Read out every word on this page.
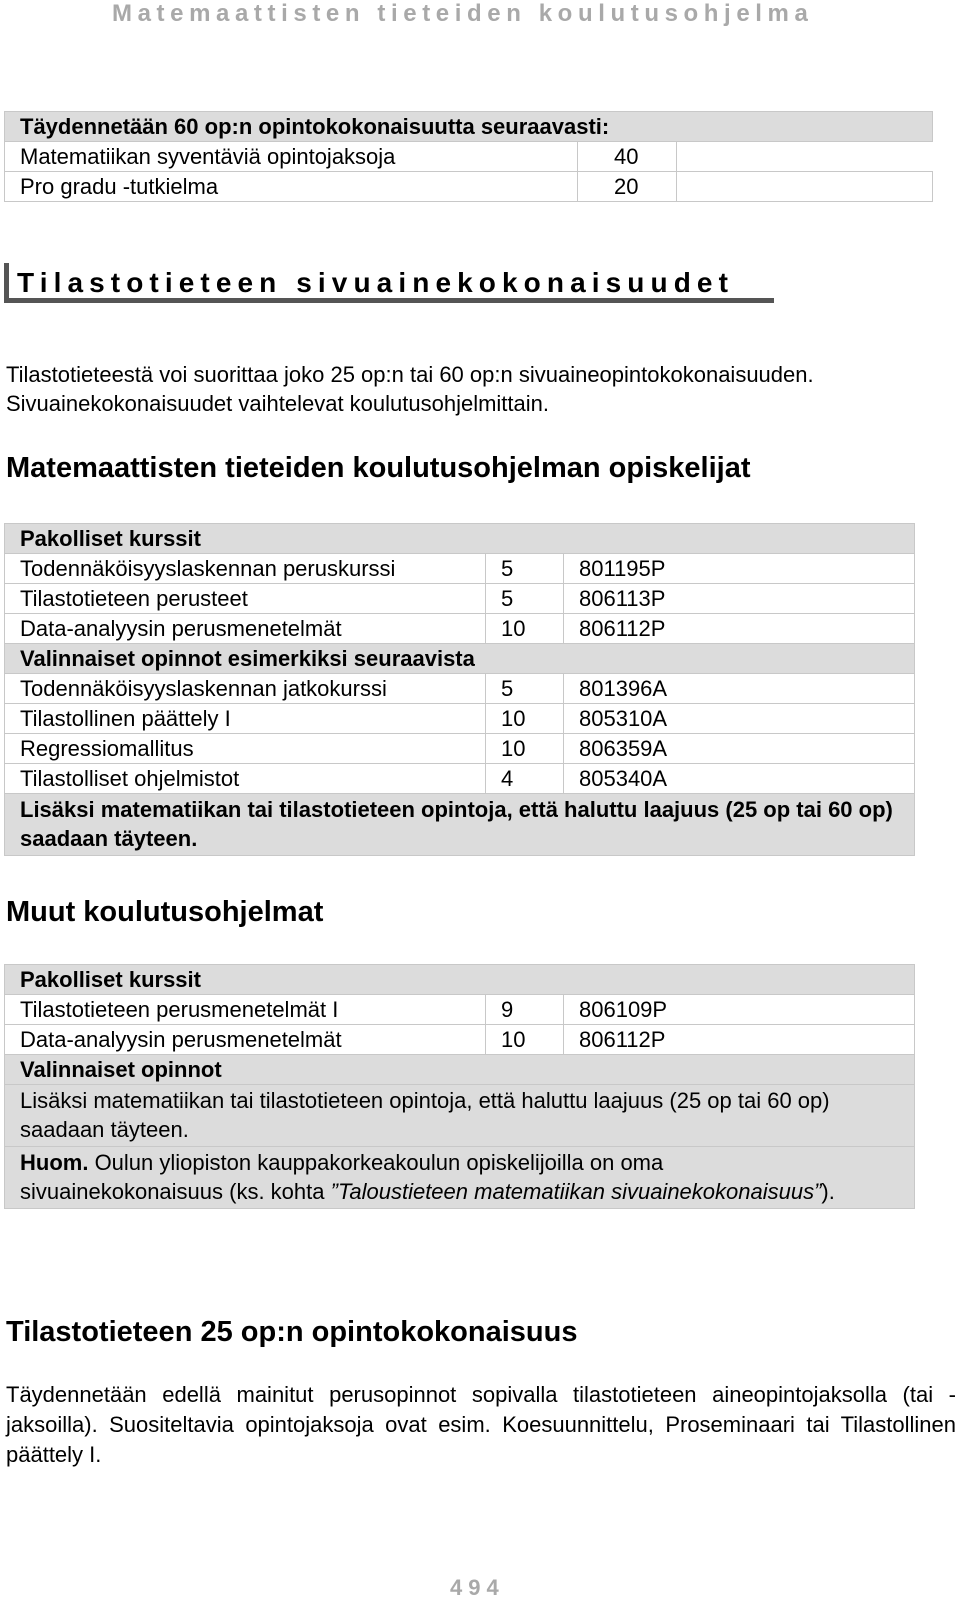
Matemaattisten tieteiden koulutusohjelma
Täydennetään 60 op:n opintokokonaisuutta seuraavasti:		
Matematiikan syventäviä opintojaksoja	40	
Pro gradu -tutkielma	20	
Tilastotieteen sivuainekokonaisuudet

Tilastotieteestä voi suorittaa joko 25 op:n tai 60 op:n sivuaineopintokokonaisuuden.

Sivuainekokonaisuudet vaihtelevat koulutusohjelmittain.

Matemaattisten tieteiden koulutusohjelman opiskelijat
Pakolliset kurssit		
Todennäköisyyslaskennan peruskurssi	5	801195P
Tilastotieteen perusteet	5	806113P
Data-analyysin perusmenetelmät	10	806112P
Valinnaiset opinnot esimerkiksi seuraavista		
Todennäköisyyslaskennan jatkokurssi	5	801396A
Tilastollinen päättely I	10	805310A
Regressiomallitus	10	806359A
Tilastolliset ohjelmistot	4	805340A
Lisäksi matematiikan tai tilastotieteen opintoja, että haluttu laajuus (25 op tai 60 op) saadaan täyteen.		
Muut koulutusohjelmat
Pakolliset kurssit		
Tilastotieteen perusmenetelmät I	9	806109P
Data-analyysin perusmenetelmät	10	806112P
Valinnaiset opinnot		
Lisäksi matematiikan tai tilastotieteen opintoja, että haluttu laajuus (25 op tai 60 op) saadaan täyteen.		
Huom. Oulun yliopiston kauppakorkeakoulun opiskelijoilla on oma sivuainekokonaisuus (ks. kohta ”Taloustieteen matematiikan sivuainekokonaisuus”).		
Tilastotieteen 25 op:n opintokokonaisuus

Täydennetään edellä mainitut perusopinnot sopivalla tilastotieteen aineopintojaksolla (tai -jaksoilla). Suositeltavia opintojaksoja ovat esim. Koesuunnittelu, Proseminaari tai Tilastollinen päättely I.

494
